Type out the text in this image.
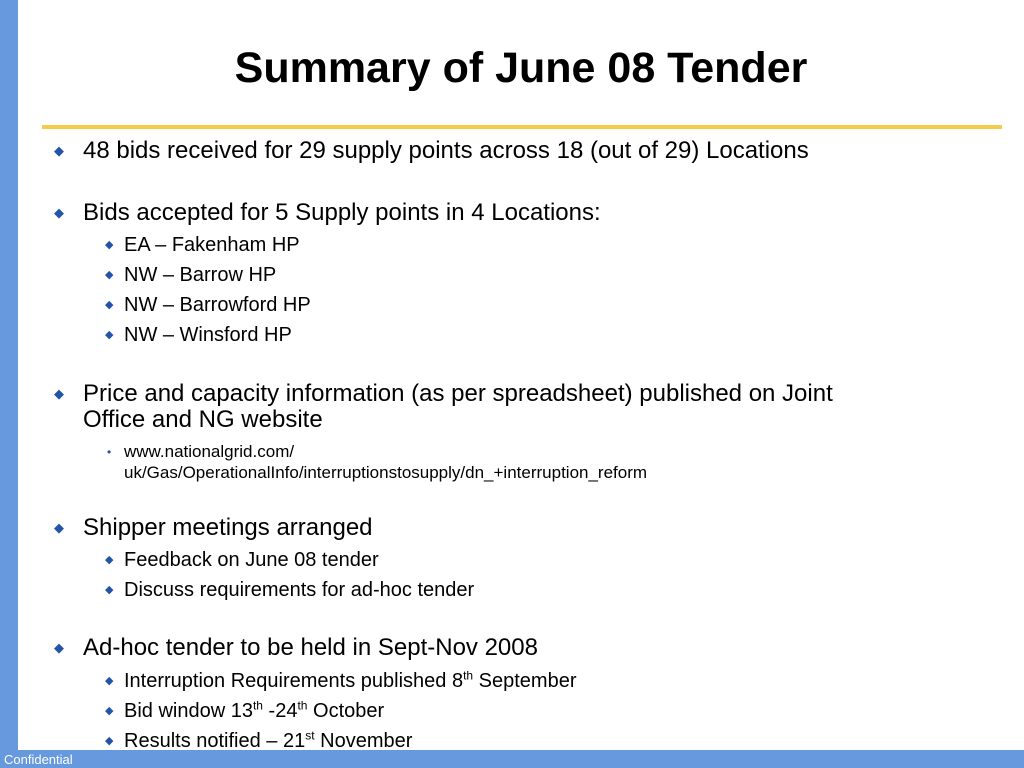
Summary of June 08 Tender
◆ 48 bids received for 29 supply points across 18 (out of 29) Locations
◆ Bids accepted for 5 Supply points in 4 Locations:
◆ EA – Fakenham HP
◆ NW – Barrow HP
◆ NW – Barrowford HP
◆ NW – Winsford HP
◆ Price and capacity information (as per spreadsheet) published on Joint
Office and NG website
• www.nationalgrid.com/
uk/Gas/OperationalInfo/interruptionstosupply/dn_+interruption_reform
◆ Shipper meetings arranged
◆ Feedback on June 08 tender
◆ Discuss requirements for ad-hoc tender
◆ Ad-hoc tender to be held in Sept-Nov 2008
◆ Interruption Requirements published 8th September
◆ Bid window 13th -24th October
◆ Results notified – 21st November
Confidential
